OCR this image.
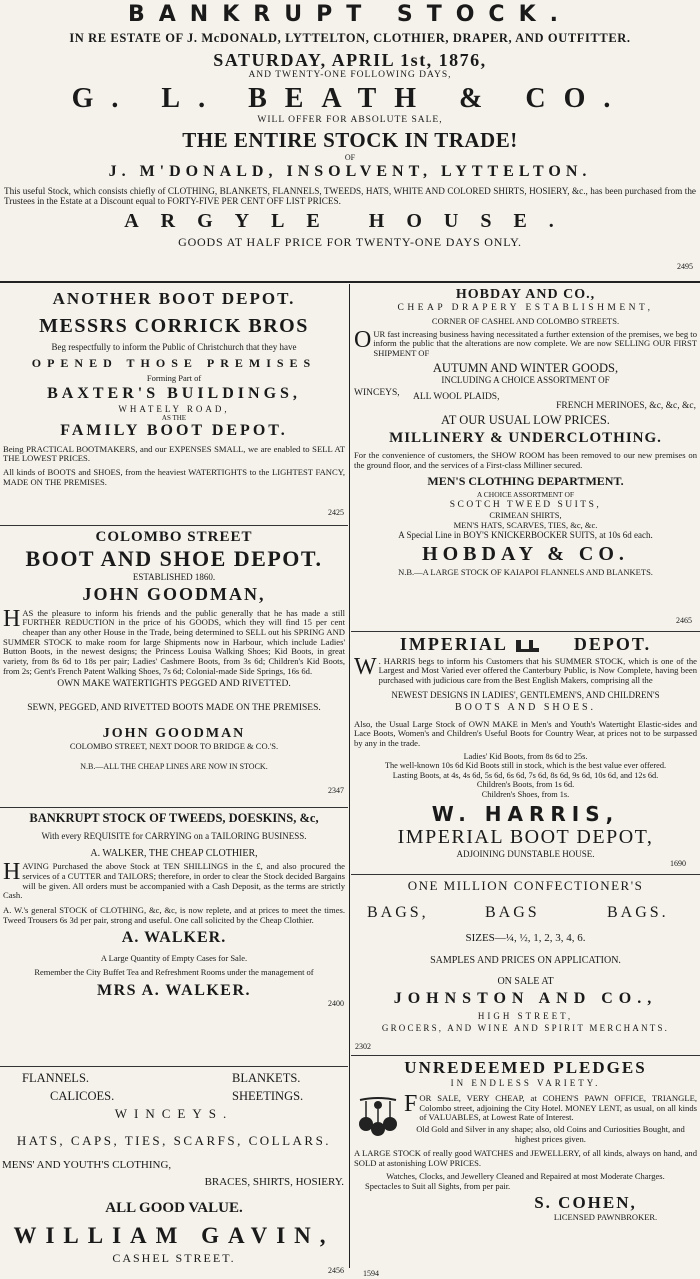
BANKRUPT STOCK.
IN RE ESTATE OF J. McDONALD, LYTTELTON, CLOTHIER, DRAPER, AND OUTFITTER.
SATURDAY, APRIL 1st, 1876,
AND TWENTY-ONE FOLLOWING DAYS,
G. L. BEATH & CO.
WILL OFFER FOR ABSOLUTE SALE,
THE ENTIRE STOCK IN TRADE!
OF
J. M'DONALD, INSOLVENT, LYTTELTON.
This useful Stock, which consists chiefly of CLOTHING, BLANKETS, FLANNELS, TWEEDS, HATS, WHITE AND COLORED SHIRTS, HOSIERY, &c., has been purchased from the Trustees in the Estate at a Discount equal to FORTY-FIVE PER CENT OFF LIST PRICES.
ARGYLE HOUSE.
GOODS AT HALF PRICE FOR TWENTY-ONE DAYS ONLY.
2495
ANOTHER BOOT DEPOT.
MESSRS CORRICK BROS
Beg respectfully to inform the Public of Christchurch that they have
OPENED THOSE PREMISES
Forming Part of
BAXTER'S BUILDINGS,
WHATELY ROAD,
AS THE
FAMILY BOOT DEPOT.
Being PRACTICAL BOOTMAKERS, and our EXPENSES SMALL, we are enabled to SELL AT THE LOWEST PRICES.
All kinds of BOOTS and SHOES, from the heaviest WATERTIGHTS to the LIGHTEST FANCY, MADE ON THE PREMISES.
2425
COLOMBO STREET
BOOT AND SHOE DEPOT.
ESTABLISHED 1860.
JOHN GOODMAN,
HAS the pleasure to inform his friends and the public generally that he has made a still FURTHER REDUCTION in the price of his GOODS, which they will find 15 per cent cheaper than any other House in the Trade, being determined to SELL out his SPRING AND SUMMER STOCK to make room for large Shipments now in Harbour, which include Ladies' Button Boots, in the newest designs; the Princess Louisa Walking Shoes; Kid Boots, in great variety, from 8s 6d to 18s per pair; Ladies' Cashmere Boots, from 3s 6d; Children's Kid Boots, from 2s; Gent's French Patent Walking Shoes, 7s 6d; Colonial-made Side Springs, 16s 6d.
OWN MAKE WATERTIGHTS PEGGED AND RIVETTED.
SEWN, PEGGED, AND RIVETTED BOOTS MADE ON THE PREMISES.
JOHN GOODMAN
COLOMBO STREET, NEXT DOOR TO BRIDGE & CO.'S.
N.B.—ALL THE CHEAP LINES ARE NOW IN STOCK.
2347
BANKRUPT STOCK OF TWEEDS, DOESKINS, &c,
With every REQUISITE for CARRYING on a TAILORING BUSINESS.
A. WALKER, THE CHEAP CLOTHIER,
HAVING Purchased the above Stock at TEN SHILLINGS in the £, and also procured the services of a CUTTER and TAILORS; therefore, in order to clear the Stock decided Bargains will be given. All orders must be accompanied with a Cash Deposit, as the terms are strictly Cash.
A. W.'s general STOCK of CLOTHING, &c, &c, is now replete, and at prices to meet the times. Tweed Trousers 6s 3d per pair, strong and useful. One call solicited by the Cheap Clothier.
A. WALKER.
A Large Quantity of Empty Cases for Sale.
Remember the City Buffet Tea and Refreshment Rooms under the management of
MRS A. WALKER.
2400
FLANNELS.	BLANKETS.
CALICOES.	SHEETINGS.
WINCEYS.
HATS, CAPS, TIES, SCARFS, COLLARS.
MENS' AND YOUTH'S CLOTHING,
BRACES, SHIRTS, HOSIERY.
ALL GOOD VALUE.
WILLIAM GAVIN,
CASHEL STREET.
2456
HOBDAY AND CO.,
CHEAP DRAPERY ESTABLISHMENT,
CORNER OF CASHEL AND COLOMBO STREETS.
OUR fast increasing business having necessitated a further extension of the premises, we beg to inform the public that the alterations are now complete. We are now SELLING OUR FIRST SHIPMENT OF
AUTUMN AND WINTER GOODS,
INCLUDING A CHOICE ASSORTMENT OF
WINCEYS, ALL WOOL PLAIDS,
FRENCH MERINOES, &c, &c, &c,
AT OUR USUAL LOW PRICES.
MILLINERY & UNDERCLOTHING.
For the convenience of customers, the SHOW ROOM has been removed to our new premises on the ground floor, and the services of a First-class Milliner secured.
MEN'S CLOTHING DEPARTMENT.
A CHOICE ASSORTMENT OF
SCOTCH TWEED SUITS,
CRIMEAN SHIRTS,
MEN'S HATS, SCARVES, TIES, &c, &c.
A Special Line in BOY'S KNICKERBOCKER SUITS, at 10s 6d each.
HOBDAY & CO.
N.B.—A LARGE STOCK OF KAIAPOI FLANNELS AND BLANKETS.
2465
IMPERIAL	DEPOT.
W . HARRIS begs to inform his Customers that his SUMMER STOCK, which is one of the Largest and Most Varied ever offered the Canterbury Public, is Now Complete, having been purchased with judicious care from the Best English Makers, comprising all the
NEWEST DESIGNS IN LADIES', GENTLEMEN'S, AND CHILDREN'S
BOOTS AND SHOES.
Also, the Usual Large Stock of OWN MAKE in Men's and Youth's Watertight Elastic-sides and Lace Boots, Women's and Children's Useful Boots for Country Wear, at prices not to be surpassed by any in the trade.
Ladies' Kid Boots, from 8s 6d to 25s.
The well-known 10s 6d Kid Boots still in stock, which is the best value ever offered.
Lasting Boots, at 4s, 4s 6d, 5s 6d, 6s 6d, 7s 6d, 8s 6d, 9s 6d, 10s 6d, and 12s 6d.
Children's Boots, from 1s 6d.
Children's Shoes, from 1s.
W. HARRIS,
IMPERIAL BOOT DEPOT,
ADJOINING DUNSTABLE HOUSE.
1690
ONE MILLION CONFECTIONER'S
BAGS,	BAGS	BAGS.
SIZES—¼, ½, 1, 2, 3, 4, 6.
SAMPLES AND PRICES ON APPLICATION.
ON SALE AT
JOHNSTON AND CO.,
HIGH STREET,
GROCERS, AND WINE AND SPIRIT MERCHANTS.
2302
UNREDEEMED PLEDGES
IN ENDLESS VARIETY.
FOR SALE, VERY CHEAP, at COHEN'S PAWN OFFICE, TRIANGLE, Colombo street, adjoining the City Hotel. MONEY LENT, as usual, on all kinds of VALUABLES, at Lowest Rate of Interest.
Old Gold and Silver in any shape; also, old Coins and Curiosities Bought, and highest prices given.
A LARGE STOCK of really good WATCHES and JEWELLERY, of all kinds, always on hand, and SOLD at astonishing LOW PRICES.
Watches, Clocks, and Jewellery Cleaned and Repaired at most Moderate Charges.
Spectacles to Suit all Sights, from per pair.
S. COHEN,
LICENSED PAWNBROKER.
1594
